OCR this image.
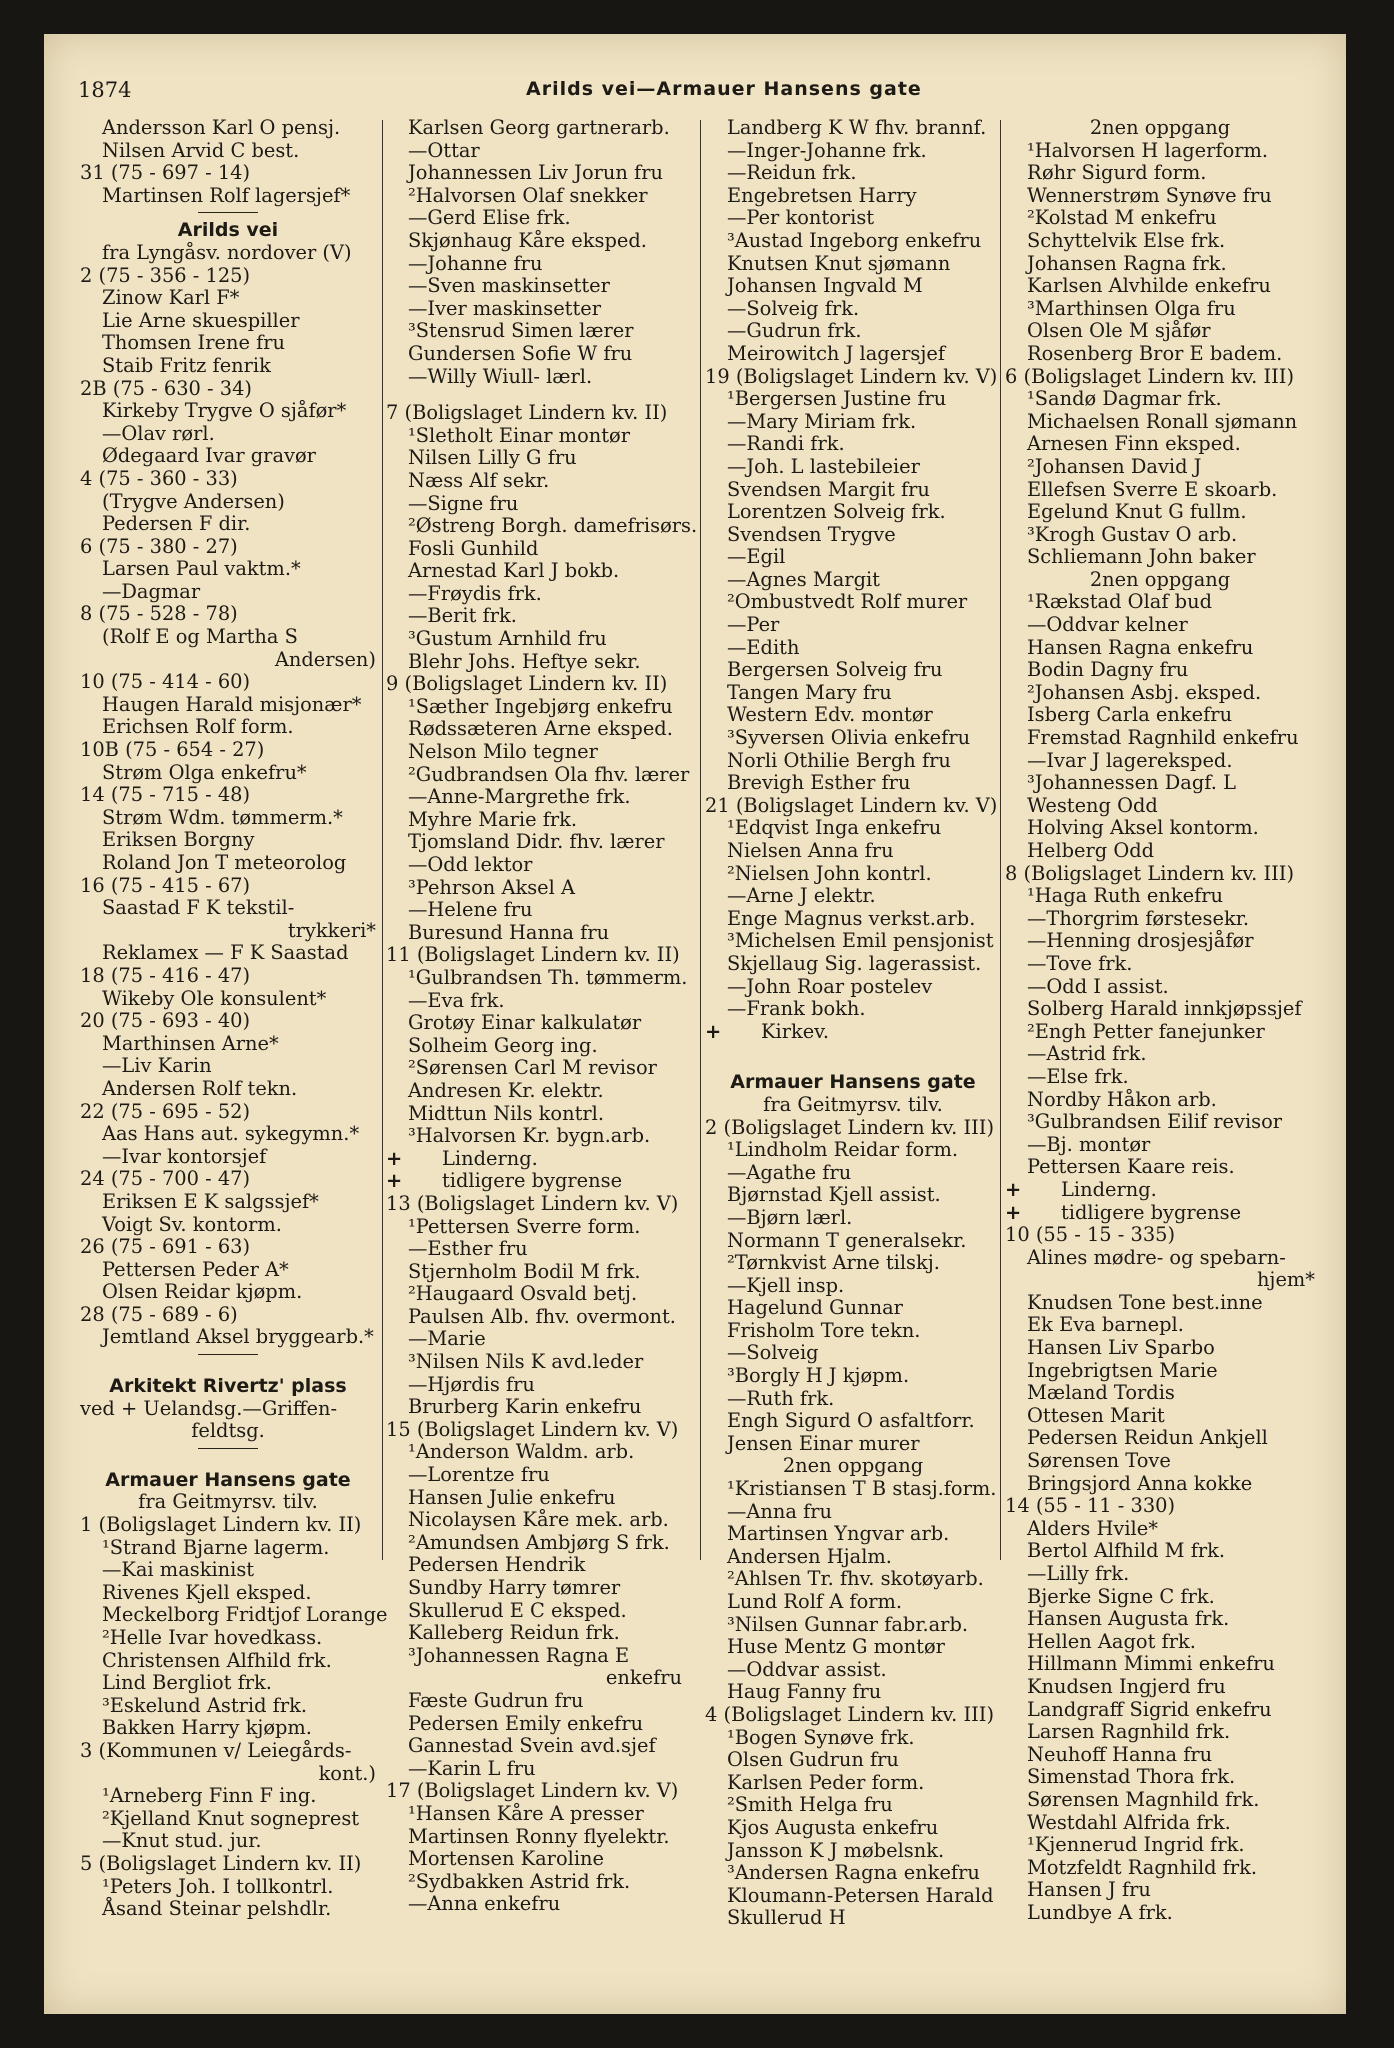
1874	Arilds vei—Armauer Hansens gate
Andersson Karl O pensj.
Nilsen Arvid C best.
31 (75 - 697 - 14)
Martinsen Rolf lagersjef*
Arilds vei
fra Lyngåsv. nordover (V)
2 (75 - 356 - 125)
Zinow Karl F*
Lie Arne skuespiller
Thomsen Irene fru
Staib Fritz fenrik
2B (75 - 630 - 34)
Kirkeby Trygve O sjåfør*
—Olav rørl.
Ødegaard Ivar gravør
4 (75 - 360 - 33)
(Trygve Andersen)
Pedersen F dir.
6 (75 - 380 - 27)
Larsen Paul vaktm.*
—Dagmar
8 (75 - 528 - 78)
(Rolf E og Martha S
Andersen)
10 (75 - 414 - 60)
Haugen Harald misjonær*
Erichsen Rolf form.
10B (75 - 654 - 27)
Strøm Olga enkefru*
14 (75 - 715 - 48)
Strøm Wdm. tømmerm.*
Eriksen Borgny
Roland Jon T meteorolog
16 (75 - 415 - 67)
Saastad F K tekstil-
trykkeri*
Reklamex — F K Saastad
18 (75 - 416 - 47)
Wikeby Ole konsulent*
20 (75 - 693 - 40)
Marthinsen Arne*
—Liv Karin
Andersen Rolf tekn.
22 (75 - 695 - 52)
Aas Hans aut. sykegymn.*
—Ivar kontorsjef
24 (75 - 700 - 47)
Eriksen E K salgssjef*
Voigt Sv. kontorm.
26 (75 - 691 - 63)
Pettersen Peder A*
Olsen Reidar kjøpm.
28 (75 - 689 - 6)
Jemtland Aksel bryggearb.*
Arkitekt Rivertz' plass
ved + Uelandsg.—Griffen-
feldtsg.
Armauer Hansens gate
fra Geitmyrsv. tilv.
1 (Boligslaget Lindern kv. II)
¹Strand Bjarne lagerm.
—Kai maskinist
Rivenes Kjell eksped.
Meckelborg Fridtjof Lorange
²Helle Ivar hovedkass.
Christensen Alfhild frk.
Lind Bergliot frk.
³Eskelund Astrid frk.
Bakken Harry kjøpm.
3 (Kommunen v/ Leiegårds-
kont.)
¹Arneberg Finn F ing.
²Kjelland Knut sogneprest
—Knut stud. jur.
5 (Boligslaget Lindern kv. II)
¹Peters Joh. I tollkontrl.
Åsand Steinar pelshdlr.
Karlsen Georg gartnerarb.
—Ottar
Johannessen Liv Jorun fru
²Halvorsen Olaf snekker
—Gerd Elise frk.
Skjønhaug Kåre eksped.
—Johanne fru
—Sven maskinsetter
—Iver maskinsetter
³Stensrud Simen lærer
Gundersen Sofie W fru
—Willy Wiull- lærl.
7 (Boligslaget Lindern kv. II)
¹Sletholt Einar montør
Nilsen Lilly G fru
Næss Alf sekr.
—Signe fru
²Østreng Borgh. damefrisørs.
Fosli Gunhild
Arnestad Karl J bokb.
—Frøydis frk.
—Berit frk.
³Gustum Arnhild fru
Blehr Johs. Heftye sekr.
9 (Boligslaget Lindern kv. II)
¹Sæther Ingebjørg enkefru
Rødssæteren Arne eksped.
Nelson Milo tegner
²Gudbrandsen Ola fhv. lærer
—Anne-Margrethe frk.
Myhre Marie frk.
Tjomsland Didr. fhv. lærer
—Odd lektor
³Pehrson Aksel A
—Helene fru
Buresund Hanna fru
11 (Boligslaget Lindern kv. II)
¹Gulbrandsen Th. tømmerm.
—Eva frk.
Grotøy Einar kalkulatør
Solheim Georg ing.
²Sørensen Carl M revisor
Andresen Kr. elektr.
Midttun Nils kontrl.
³Halvorsen Kr. bygn.arb.
+ Linderng.
+ tidligere bygrense
13 (Boligslaget Lindern kv. V)
¹Pettersen Sverre form.
—Esther fru
Stjernholm Bodil M frk.
²Haugaard Osvald betj.
Paulsen Alb. fhv. overmont.
—Marie
³Nilsen Nils K avd.leder
—Hjørdis fru
Brurberg Karin enkefru
15 (Boligslaget Lindern kv. V)
¹Anderson Waldm. arb.
—Lorentze fru
Hansen Julie enkefru
Nicolaysen Kåre mek. arb.
²Amundsen Ambjørg S frk.
Pedersen Hendrik
Sundby Harry tømrer
Skullerud E C eksped.
Kalleberg Reidun frk.
³Johannessen Ragna E
enkefru
Fæste Gudrun fru
Pedersen Emily enkefru
Gannestad Svein avd.sjef
—Karin L fru
17 (Boligslaget Lindern kv. V)
¹Hansen Kåre A presser
Martinsen Ronny flyelektr.
Mortensen Karoline
²Sydbakken Astrid frk.
—Anna enkefru
Landberg K W fhv. brannf.
—Inger-Johanne frk.
—Reidun frk.
Engebretsen Harry
—Per kontorist
³Austad Ingeborg enkefru
Knutsen Knut sjømann
Johansen Ingvald M
—Solveig frk.
—Gudrun frk.
Meirowitch J lagersjef
19 (Boligslaget Lindern kv. V)
¹Bergersen Justine fru
—Mary Miriam frk.
—Randi frk.
—Joh. L lastebileier
Svendsen Margit fru
Lorentzen Solveig frk.
Svendsen Trygve
—Egil
—Agnes Margit
²Ombustvedt Rolf murer
—Per
—Edith
Bergersen Solveig fru
Tangen Mary fru
Western Edv. montør
³Syversen Olivia enkefru
Norli Othilie Bergh fru
Brevigh Esther fru
21 (Boligslaget Lindern kv. V)
¹Edqvist Inga enkefru
Nielsen Anna fru
²Nielsen John kontrl.
—Arne J elektr.
Enge Magnus verkst.arb.
³Michelsen Emil pensjonist
Skjellaug Sig. lagerassist.
—John Roar postelev
—Frank bokh.
+ Kirkev.
Armauer Hansens gate
fra Geitmyrsv. tilv.
2 (Boligslaget Lindern kv. III)
¹Lindholm Reidar form.
—Agathe fru
Bjørnstad Kjell assist.
—Bjørn lærl.
Normann T generalsekr.
²Tørnkvist Arne tilskj.
—Kjell insp.
Hagelund Gunnar
Frisholm Tore tekn.
—Solveig
³Borgly H J kjøpm.
—Ruth frk.
Engh Sigurd O asfaltforr.
Jensen Einar murer
2nen oppgang
¹Kristiansen T B stasj.form.
—Anna fru
Martinsen Yngvar arb.
Andersen Hjalm.
²Ahlsen Tr. fhv. skotøyarb.
Lund Rolf A form.
³Nilsen Gunnar fabr.arb.
Huse Mentz G montør
—Oddvar assist.
Haug Fanny fru
4 (Boligslaget Lindern kv. III)
¹Bogen Synøve frk.
Olsen Gudrun fru
Karlsen Peder form.
²Smith Helga fru
Kjos Augusta enkefru
Jansson K J møbelsnk.
³Andersen Ragna enkefru
Kloumann-Petersen Harald
Skullerud H
2nen oppgang
¹Halvorsen H lagerform.
Røhr Sigurd form.
Wennerstrøm Synøve fru
²Kolstad M enkefru
Schyttelvik Else frk.
Johansen Ragna frk.
Karlsen Alvhilde enkefru
³Marthinsen Olga fru
Olsen Ole M sjåfør
Rosenberg Bror E badem.
6 (Boligslaget Lindern kv. III)
¹Sandø Dagmar frk.
Michaelsen Ronall sjømann
Arnesen Finn eksped.
²Johansen David J
Ellefsen Sverre E skoarb.
Egelund Knut G fullm.
³Krogh Gustav O arb.
Schliemann John baker
2nen oppgang
¹Rækstad Olaf bud
—Oddvar kelner
Hansen Ragna enkefru
Bodin Dagny fru
²Johansen Asbj. eksped.
Isberg Carla enkefru
Fremstad Ragnhild enkefru
—Ivar J lagereksped.
³Johannessen Dagf. L
Westeng Odd
Holving Aksel kontorm.
Helberg Odd
8 (Boligslaget Lindern kv. III)
¹Haga Ruth enkefru
—Thorgrim førstesekr.
—Henning drosjesjåfør
—Tove frk.
—Odd I assist.
Solberg Harald innkjøpssjef
²Engh Petter fanejunker
—Astrid frk.
—Else frk.
Nordby Håkon arb.
³Gulbrandsen Eilif revisor
—Bj. montør
Pettersen Kaare reis.
+ Linderng.
+ tidligere bygrense
10 (55 - 15 - 335)
Alines mødre- og spebarn-
hjem*
Knudsen Tone best.inne
Ek Eva barnepl.
Hansen Liv Sparbo
Ingebrigtsen Marie
Mæland Tordis
Ottesen Marit
Pedersen Reidun Ankjell
Sørensen Tove
Bringsjord Anna kokke
14 (55 - 11 - 330)
Alders Hvile*
Bertol Alfhild M frk.
—Lilly frk.
Bjerke Signe C frk.
Hansen Augusta frk.
Hellen Aagot frk.
Hillmann Mimmi enkefru
Knudsen Ingjerd fru
Landgraff Sigrid enkefru
Larsen Ragnhild frk.
Neuhoff Hanna fru
Simenstad Thora frk.
Sørensen Magnhild frk.
Westdahl Alfrida frk.
¹Kjennerud Ingrid frk.
Motzfeldt Ragnhild frk.
Hansen J fru
Lundbye A frk.
